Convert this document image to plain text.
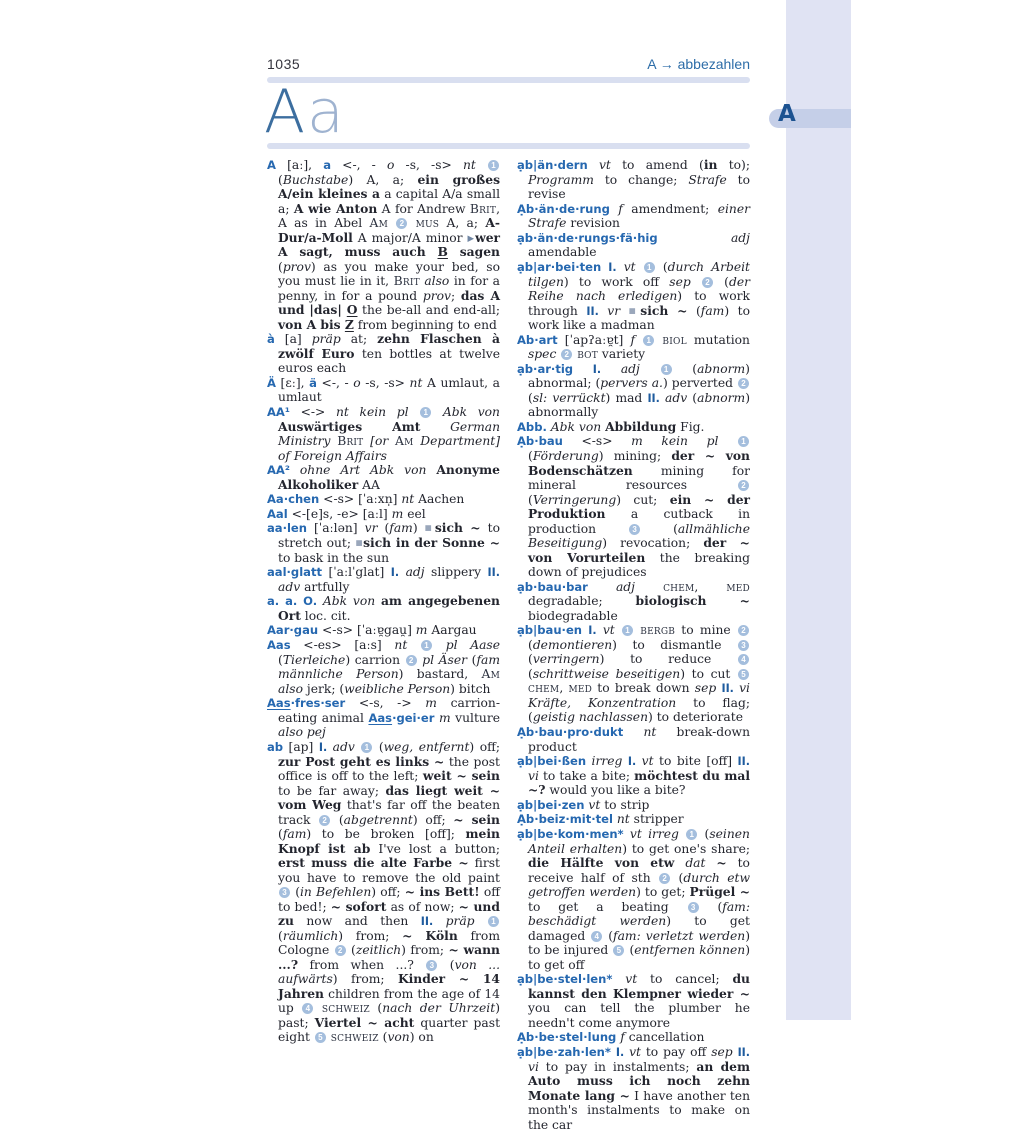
A
1035	A → abbezahlen
Aa

A [aː], a <-, - o -s, -s> nt 1 (Buchstabe) A, a; ein großes A/ein kleines a a capital A/a small a; A wie Anton A for Andrew Brit, A as in Abel Am 2 mus A, a; A-Dur/a-Moll A major/A minor ▶wer A sagt, muss auch B sagen (prov) as you make your bed, so you must lie in it, Brit also in for a penny, in for a pound prov; das A und |das| O the be-all and end-all; von A bis Z from beginning to end

à [a] präp at; zehn Flaschen à zwölf Euro ten bottles at twelve euros each

Ä [ɛː], ä <-, - o -s, -s> nt A umlaut, a umlaut

AA¹ <-> nt kein pl 1 Abk von Auswärtiges Amt German Ministry Brit [or Am Department] of Foreign Affairs

AA² ohne Art Abk von Anonyme Alkoholiker AA

Aa·chen <-s> [ˈaːxn̩] nt Aachen

Aal <-[e]s, -e> [aːl] m eel

aa·len [ˈaːlən] vr (fam) ■sich ~ to stretch out; ■sich in der Sonne ~ to bask in the sun

aal·glatt [ˈaːlˈglat] I. adj slippery II. adv artfully

a. a. O. Abk von am angegebenen Ort loc. cit.

Aar·gau <-s> [ˈaːɐ̯gau̯] m Aargau

Aas <-es> [aːs] nt 1 pl Aase (Tierleiche) carrion 2 pl Äser (fam männliche Person) bastard, Am also jerk; (weibliche Person) bitch

Aas·fres·ser <-s, -> m carrion-eating animal Aas·gei·er m vulture also pej

ab [ap] I. adv 1 (weg, entfernt) off; zur Post geht es links ~ the post office is off to the left; weit ~ sein to be far away; das liegt weit ~ vom Weg that's far off the beaten track 2 (abgetrennt) off; ~ sein (fam) to be broken [off]; mein Knopf ist ab I've lost a button; erst muss die alte Farbe ~ first you have to remove the old paint 3 (in Befehlen) off; ~ ins Bett! off to bed!; ~ sofort as of now; ~ und zu now and then II. präp 1 (räumlich) from; ~ Köln from Cologne 2 (zeitlich) from; ~ wann ...? from when ...? 3 (von ... aufwärts) from; Kinder ~ 14 Jahren children from the age of 14 up 4 schweiz (nach der Uhrzeit) past; Viertel ~ acht quarter past eight 5 schweiz (von) on

ạb|än·dern vt to amend (in to); Programm to change; Strafe to revise

Ạb·än·de·rung f amendment; einer Strafe revision

ạb·än·de·rungs·fä·hig	adj amendable

ạb|ar·bei·ten I. vt 1 (durch Arbeit tilgen) to work off sep 2 (der Reihe nach erledigen) to work through II. vr ■sich ~ (fam) to work like a madman

Ab·art [ˈapʔaːɐ̯t] f 1 biol mutation spec 2 bot variety

ạb·ar·tig I. adj	1 (abnorm) abnormal; (pervers a.) perverted 2 (sl: verrückt) mad II. adv (abnorm) abnormally

Abb. Abk von Abbildung Fig.

Ạb·bau <-s> m kein pl	1 (Förderung) mining; der ~ von Bodenschätzen mining for mineral resources 2 (Verringerung) cut; ein ~ der Produktion a cutback in production 3 (allmähliche Beseitigung) revocation; der ~ von Vorurteilen the breaking down of prejudices

ạb·bau·bar adj chem, med degradable; biologisch ~ biodegradable

ạb|bau·en I. vt 1 bergb to mine 2 (demontieren) to dismantle 3 (verringern) to reduce 4 (schrittweise beseitigen) to cut 5 chem, med to break down sep II. vi Kräfte, Konzentration to flag; (geistig nachlassen) to deteriorate

Ạb·bau·pro·dukt nt break-down product

ạb|bei·ßen irreg I. vt to bite [off] II. vi to take a bite; möchtest du mal ~? would you like a bite?

ạb|bei·zen vt to strip

Ạb·beiz·mit·tel nt stripper

ạb|be·kom·men* vt irreg 1 (seinen Anteil erhalten) to get one's share; die Hälfte von etw dat ~ to receive half of sth 2 (durch etw getroffen werden) to get; Prügel ~ to get a beating 3 (fam: beschädigt werden) to get damaged 4 (fam: verletzt werden) to be injured 5 (entfernen können) to get off

ạb|be·stel·len* vt to cancel; du kannst den Klempner wieder ~ you can tell the plumber he needn't come anymore

Ạb·be·stel·lung f cancellation

ạb|be·zah·len* I. vt to pay off sep II. vi to pay in instalments; an dem Auto muss ich noch zehn Monate lang ~ I have another ten month's instalments to make on the car
